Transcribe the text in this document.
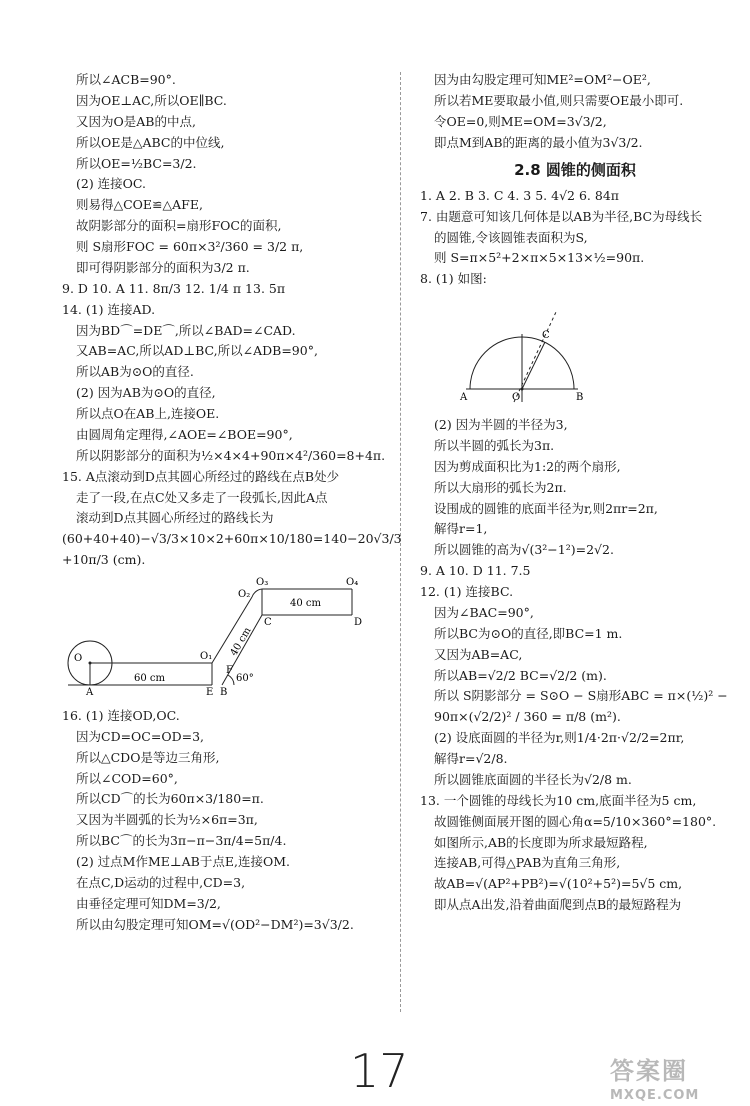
所以∠ACB=90°.

因为OE⊥AC,所以OE∥BC.

又因为O是AB的中点,

所以OE是△ABC的中位线,

所以OE=½BC=3/2.

(2) 连接OC.

则易得△COE≌△AFE,

故阴影部分的面积=扇形FOC的面积,

则 S扇形FOC = 60π×3²/360 = 3/2 π,

即可得阴影部分的面积为3/2 π.

9. D 10. A 11. 8π/3 12. 1/4 π 13. 5π

14. (1) 连接AD.

因为BD⌒=DE⌒,所以∠BAD=∠CAD.

又AB=AC,所以AD⊥BC,所以∠ADB=90°,

所以AB为⊙O的直径.

(2) 因为AB为⊙O的直径,

所以点O在AB上,连接OE.

由圆周角定理得,∠AOE=∠BOE=90°,

所以阴影部分的面积为½×4×4+90π×4²/360=8+4π.

15. A点滚动到D点其圆心所经过的路线在点B处少

走了一段,在点C处又多走了一段弧长,因此A点

滚动到D点其圆心所经过的路线长为

(60+40+40)−√3/3×10×2+60π×10/180=140−20√3/3

+10π/3 (cm).

O	O₁
O₂
O₃	O₄
A	E B
F
C	D
60 cm
40 cm
40 cm
60°

16. (1) 连接OD,OC.

因为CD=OC=OD=3,

所以△CDO是等边三角形,

所以∠COD=60°,

所以CD⌒的长为60π×3/180=π.

又因为半圆弧的长为½×6π=3π,

所以BC⌒的长为3π−π−3π/4=5π/4.

(2) 过点M作ME⊥AB于点E,连接OM.

在点C,D运动的过程中,CD=3,

由垂径定理可知DM=3/2,

所以由勾股定理可知OM=√(OD²−DM²)=3√3/2.

因为由勾股定理可知ME²=OM²−OE²,

所以若ME要取最小值,则只需要OE最小即可.

令OE=0,则ME=OM=3√3/2,

即点M到AB的距离的最小值为3√3/2.

2.8 圆锥的侧面积

1. A 2. B 3. C 4. 3 5. 4√2 6. 84π

7. 由题意可知该几何体是以AB为半径,BC为母线长

的圆锥,令该圆锥表面积为S,

则 S=π×5²+2×π×5×13×½=90π.

8. (1) 如图:

A	O	B
C

(2) 因为半圆的半径为3,

所以半圆的弧长为3π.

因为剪成面积比为1:2的两个扇形,

所以大扇形的弧长为2π.

设围成的圆锥的底面半径为r,则2πr=2π,

解得r=1,

所以圆锥的高为√(3²−1²)=2√2.

9. A 10. D 11. 7.5

12. (1) 连接BC.

因为∠BAC=90°,

所以BC为⊙O的直径,即BC=1 m.

又因为AB=AC,

所以AB=√2/2 BC=√2/2 (m).

所以 S阴影部分 = S⊙O − S扇形ABC = π×(½)² −

90π×(√2/2)² / 360 = π/8 (m²).

(2) 设底面圆的半径为r,则1/4·2π·√2/2=2πr,

解得r=√2/8.

所以圆锥底面圆的半径长为√2/8 m.

13. 一个圆锥的母线长为10 cm,底面半径为5 cm,

故圆锥侧面展开图的圆心角α=5/10×360°=180°.

如图所示,AB的长度即为所求最短路程,

连接AB,可得△PAB为直角三角形,

故AB=√(AP²+PB²)=√(10²+5²)=5√5 cm,

即从点A出发,沿着曲面爬到点B的最短路程为

17	答案圈
MXQE.COM
